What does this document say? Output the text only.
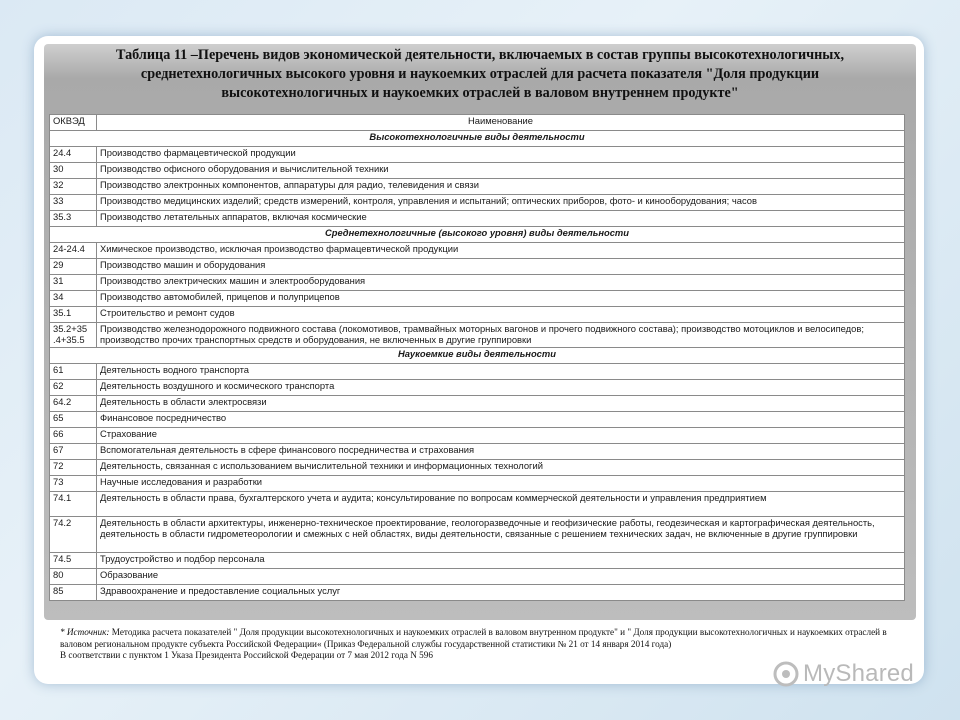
Таблица 11 –Перечень видов экономической деятельности, включаемых в состав группы высокотехнологичных,
среднетехнологичных высокого уровня и наукоемких отраслей для расчета показателя "Доля продукции
высокотехнологичных и наукоемких отраслей в валовом внутреннем продукте"
ОКВЭД	Наименование
Высокотехнологичные виды деятельности	
24.4	Производство фармацевтической продукции
30	Производство офисного оборудования и вычислительной техники
32	Производство электронных компонентов, аппаратуры для радио, телевидения и связи
33	Производство медицинских изделий; средств измерений, контроля, управления и испытаний; оптических приборов, фото- и кинооборудования; часов
35.3	Производство летательных аппаратов, включая космические
Среднетехнологичные (высокого уровня) виды деятельности	
24-24.4	Химическое производство, исключая производство фармацевтической продукции
29	Производство машин и оборудования
31	Производство электрических машин и электрооборудования
34	Производство автомобилей, прицепов и полуприцепов
35.1	Строительство и ремонт судов
35.2+35 .4+35.5	Производство железнодорожного подвижного состава (локомотивов, трамвайных моторных вагонов и прочего подвижного состава); производство мотоциклов и велосипедов; производство прочих транспортных средств и оборудования, не включенных в другие группировки
Наукоемкие виды деятельности	
61	Деятельность водного транспорта
62	Деятельность воздушного и космического транспорта
64.2	Деятельность в области электросвязи
65	Финансовое посредничество
66	Страхование
67	Вспомогательная деятельность в сфере финансового посредничества и страхования
72	Деятельность, связанная с использованием вычислительной техники и информационных технологий
73	Научные исследования и разработки
74.1	Деятельность в области права, бухгалтерского учета и аудита; консультирование по вопросам коммерческой деятельности и управления предприятием
74.2	Деятельность в области архитектуры, инженерно-техническое проектирование, геологоразведочные и геофизические работы, геодезическая и картографическая деятельность, деятельность в области гидрометеорологии и смежных с ней областях, виды деятельности, связанные с решением технических задач, не включенные в другие группировки
74.5	Трудоустройство и подбор персонала
80	Образование
85	Здравоохранение и предоставление социальных услуг
* Источник: Методика расчета показателей " Доля продукции высокотехнологичных и наукоемких отраслей в валовом внутренном продукте" и " Доля продукции высокотехнологичных и наукоемких отраслей в валовом региональном продукте субъекта Российской Федерации« (Приказ Федеральной службы государственной статистики № 21 от 14 января 2014 года)
В соответствии с пунктом 1 Указа Президента Российской Федерации от 7 мая 2012 года N 596
MyShared
